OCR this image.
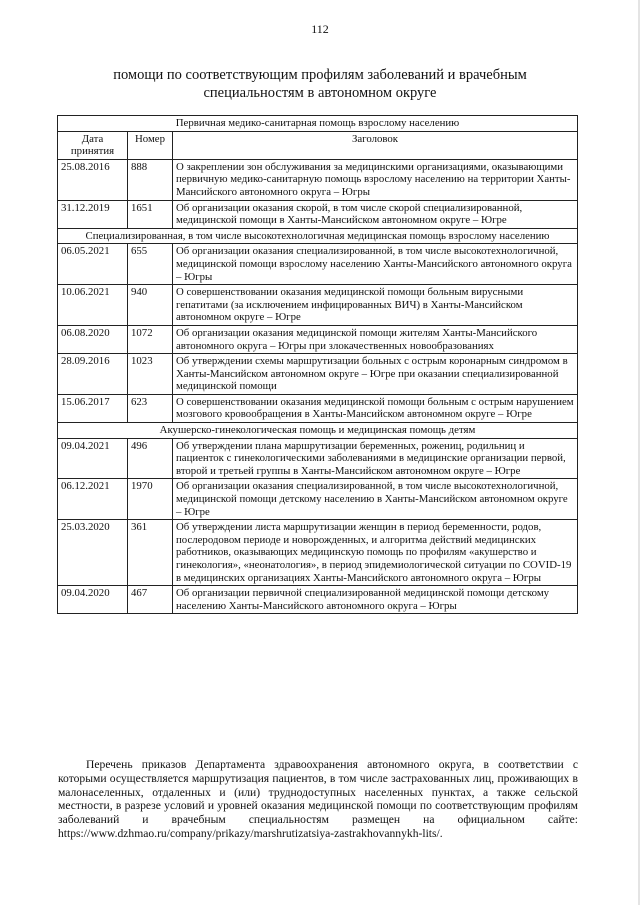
112
помощи по соответствующим профилям заболеваний и врачебным
специальностям в автономном округе
Первичная медико-санитарная помощь взрослому населению		
Дата принятия	Номер	Заголовок
25.08.2016	888	О закреплении зон обслуживания за медицинскими организациями, оказывающими первичную медико-санитарную помощь взрослому населению на территории Ханты-Мансийского автономного округа – Югры
31.12.2019	1651	Об организации оказания скорой, в том числе скорой специализированной, медицинской помощи в Ханты-Мансийском автономном округе – Югре
Специализированная, в том числе высокотехнологичная медицинская помощь взрослому населению		
06.05.2021	655	Об организации оказания специализированной, в том числе высокотехнологичной, медицинской помощи взрослому населению Ханты-Мансийского автономного округа – Югры
10.06.2021	940	О совершенствовании оказания медицинской помощи больным вирусными гепатитами (за исключением инфицированных ВИЧ) в Ханты-Мансийском автономном округе – Югре
06.08.2020	1072	Об организации оказания медицинской помощи жителям Ханты-Мансийского автономного округа – Югры при злокачественных новообразованиях
28.09.2016	1023	Об утверждении схемы маршрутизации больных с острым коронарным синдромом в Ханты-Мансийском автономном округе – Югре при оказании специализированной медицинской помощи
15.06.2017	623	О совершенствовании оказания медицинской помощи больным с острым нарушением мозгового кровообращения в Ханты-Мансийском автономном округе – Югре
Акушерско-гинекологическая помощь и медицинская помощь детям		
09.04.2021	496	Об утверждении плана маршрутизации беременных, рожениц, родильниц и пациенток с гинекологическими заболеваниями в медицинские организации первой, второй и третьей группы в Ханты-Мансийском автономном округе – Югре
06.12.2021	1970	Об организации оказания специализированной, в том числе высокотехнологичной, медицинской помощи детскому населению в Ханты-Мансийском автономном округе – Югре
25.03.2020	361	Об утверждении листа маршрутизации женщин в период беременности, родов, послеродовом периоде и новорожденных, и алгоритма действий медицинских работников, оказывающих медицинскую помощь по профилям «акушерство и гинекология», «неонатология», в период эпидемиологической ситуации по COVID-19 в медицинских организациях Ханты-Мансийского автономного округа – Югры
09.04.2020	467	Об организации первичной специализированной медицинской помощи детскому населению Ханты-Мансийского автономного округа – Югры

Перечень приказов Департамента здравоохранения автономного округа, в соответствии с которыми осуществляется маршрутизация пациентов, в том числе застрахованных лиц, проживающих в малонаселенных, отдаленных и (или) труднодоступных населенных пунктах, а также сельской местности, в разрезе условий и уровней оказания медицинской помощи по соответствующим профилям заболеваний и врачебным специальностям размещен на официальном сайте: https://www.dzhmao.ru/company/prikazy/marshrutizatsiya-zastrakhovannykh-lits/.
